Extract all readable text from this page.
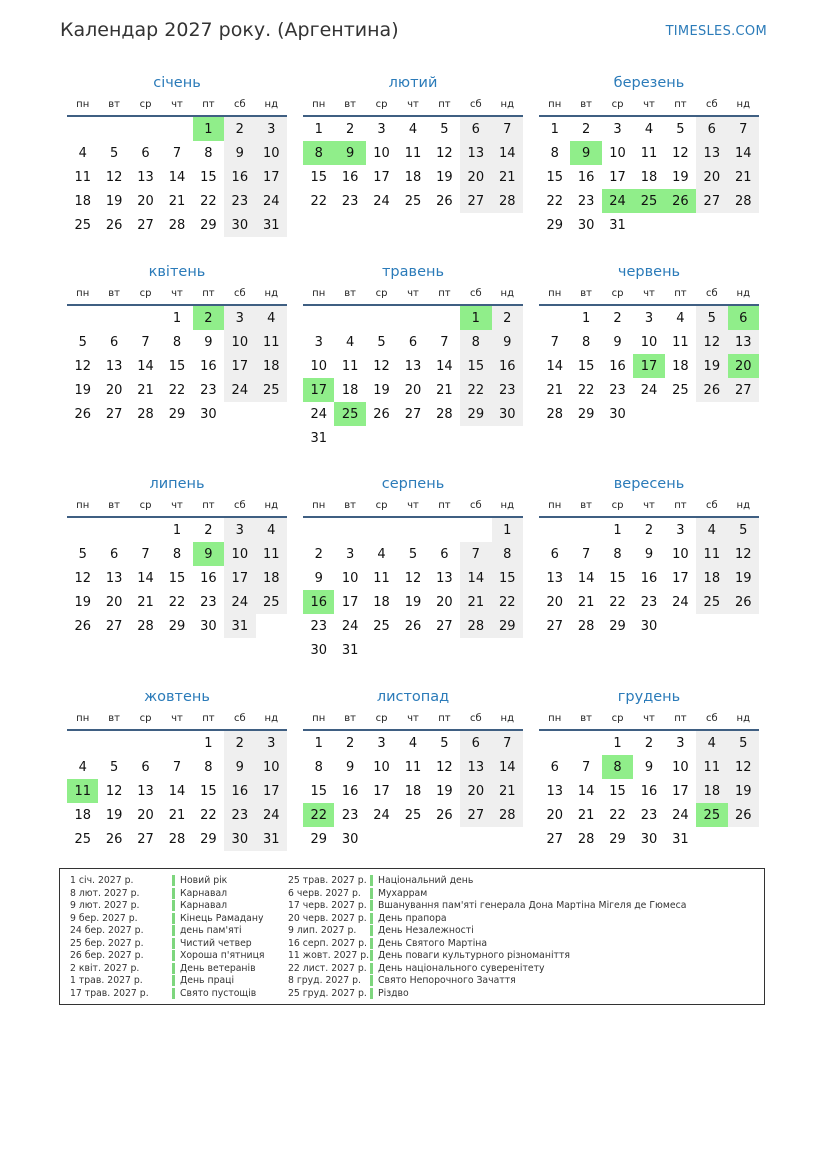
Календар 2027 року. (Аргентина)	TIMESLES.COM
січень
пн	вт	ср	чт	пт	сб	нд
				1	2	3
4	5	6	7	8	9	10
11	12	13	14	15	16	17
18	19	20	21	22	23	24
25	26	27	28	29	30	31
лютий
пн	вт	ср	чт	пт	сб	нд
1	2	3	4	5	6	7
8	9	10	11	12	13	14
15	16	17	18	19	20	21
22	23	24	25	26	27	28
березень
пн	вт	ср	чт	пт	сб	нд
1	2	3	4	5	6	7
8	9	10	11	12	13	14
15	16	17	18	19	20	21
22	23	24	25	26	27	28
29	30	31				
квітень
пн	вт	ср	чт	пт	сб	нд
			1	2	3	4
5	6	7	8	9	10	11
12	13	14	15	16	17	18
19	20	21	22	23	24	25
26	27	28	29	30		
травень
пн	вт	ср	чт	пт	сб	нд
					1	2
3	4	5	6	7	8	9
10	11	12	13	14	15	16
17	18	19	20	21	22	23
24	25	26	27	28	29	30
31						
червень
пн	вт	ср	чт	пт	сб	нд
	1	2	3	4	5	6
7	8	9	10	11	12	13
14	15	16	17	18	19	20
21	22	23	24	25	26	27
28	29	30				
липень
пн	вт	ср	чт	пт	сб	нд
			1	2	3	4
5	6	7	8	9	10	11
12	13	14	15	16	17	18
19	20	21	22	23	24	25
26	27	28	29	30	31	
серпень
пн	вт	ср	чт	пт	сб	нд
						1
2	3	4	5	6	7	8
9	10	11	12	13	14	15
16	17	18	19	20	21	22
23	24	25	26	27	28	29
30	31					
вересень
пн	вт	ср	чт	пт	сб	нд
		1	2	3	4	5
6	7	8	9	10	11	12
13	14	15	16	17	18	19
20	21	22	23	24	25	26
27	28	29	30			
жовтень
пн	вт	ср	чт	пт	сб	нд
				1	2	3
4	5	6	7	8	9	10
11	12	13	14	15	16	17
18	19	20	21	22	23	24
25	26	27	28	29	30	31
листопад
пн	вт	ср	чт	пт	сб	нд
1	2	3	4	5	6	7
8	9	10	11	12	13	14
15	16	17	18	19	20	21
22	23	24	25	26	27	28
29	30					
грудень
пн	вт	ср	чт	пт	сб	нд
		1	2	3	4	5
6	7	8	9	10	11	12
13	14	15	16	17	18	19
20	21	22	23	24	25	26
27	28	29	30	31		
1 січ. 2027 р.	Новий рік
8 лют. 2027 р.	Карнавал
9 лют. 2027 р.	Карнавал
9 бер. 2027 р.	Кінець Рамадану
24 бер. 2027 р.	день пам'яті
25 бер. 2027 р.	Чистий четвер
26 бер. 2027 р.	Хороша п'ятниця
2 квіт. 2027 р.	День ветеранів
1 трав. 2027 р.	День праці
17 трав. 2027 р.	Свято пустощів
25 трав. 2027 р. Національний день
6 черв. 2027 р. Мухаррам
17 черв. 2027 р. Вшанування пам'яті генерала Дона Мартіна Мігеля де Гюмеса
20 черв. 2027 р. День прапора
9 лип. 2027 р. День Незалежності
16 серп. 2027 р. День Святого Мартіна
11 жовт. 2027 р. День поваги культурного різноманіття
22 лист. 2027 р. День національного суверенітету
8 груд. 2027 р. Свято Непорочного Зачаття
25 груд. 2027 р. Різдво
